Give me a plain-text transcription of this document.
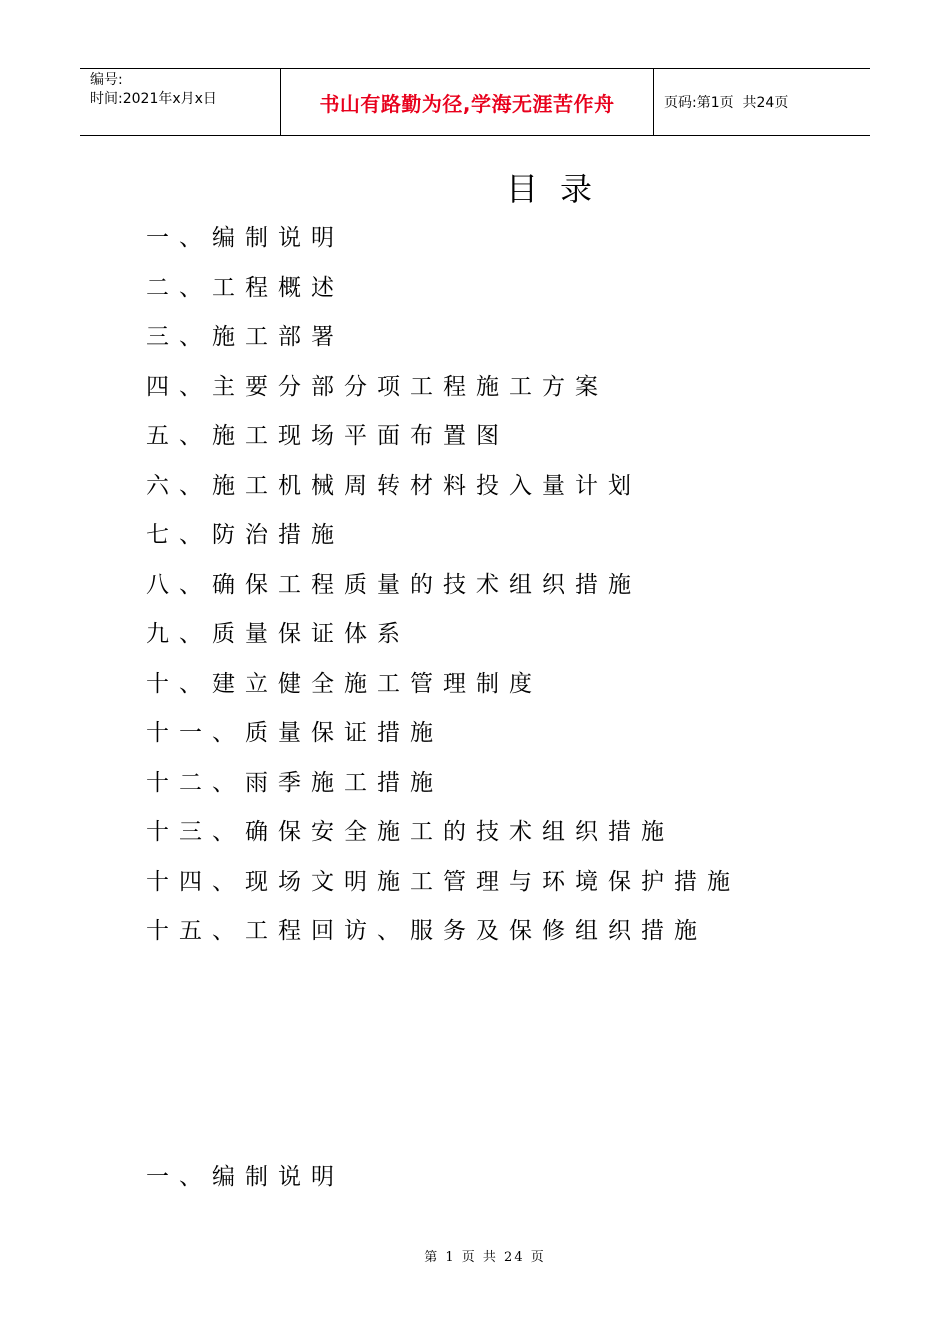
编号:
时间:2021年x月x日	书山有路勤为径,学海无涯苦作舟	页码:第1页  共24页
目录
一、编制说明
二、工程概述
三、施工部署
四、主要分部分项工程施工方案
五、施工现场平面布置图
六、施工机械周转材料投入量计划
七、防治措施
八、确保工程质量的技术组织措施
九、质量保证体系
十、建立健全施工管理制度
十一、质量保证措施
十二、雨季施工措施
十三、确保安全施工的技术组织措施
十四、现场文明施工管理与环境保护措施
十五、工程回访、服务及保修组织措施
一、编制说明
第 1 页 共 24 页
